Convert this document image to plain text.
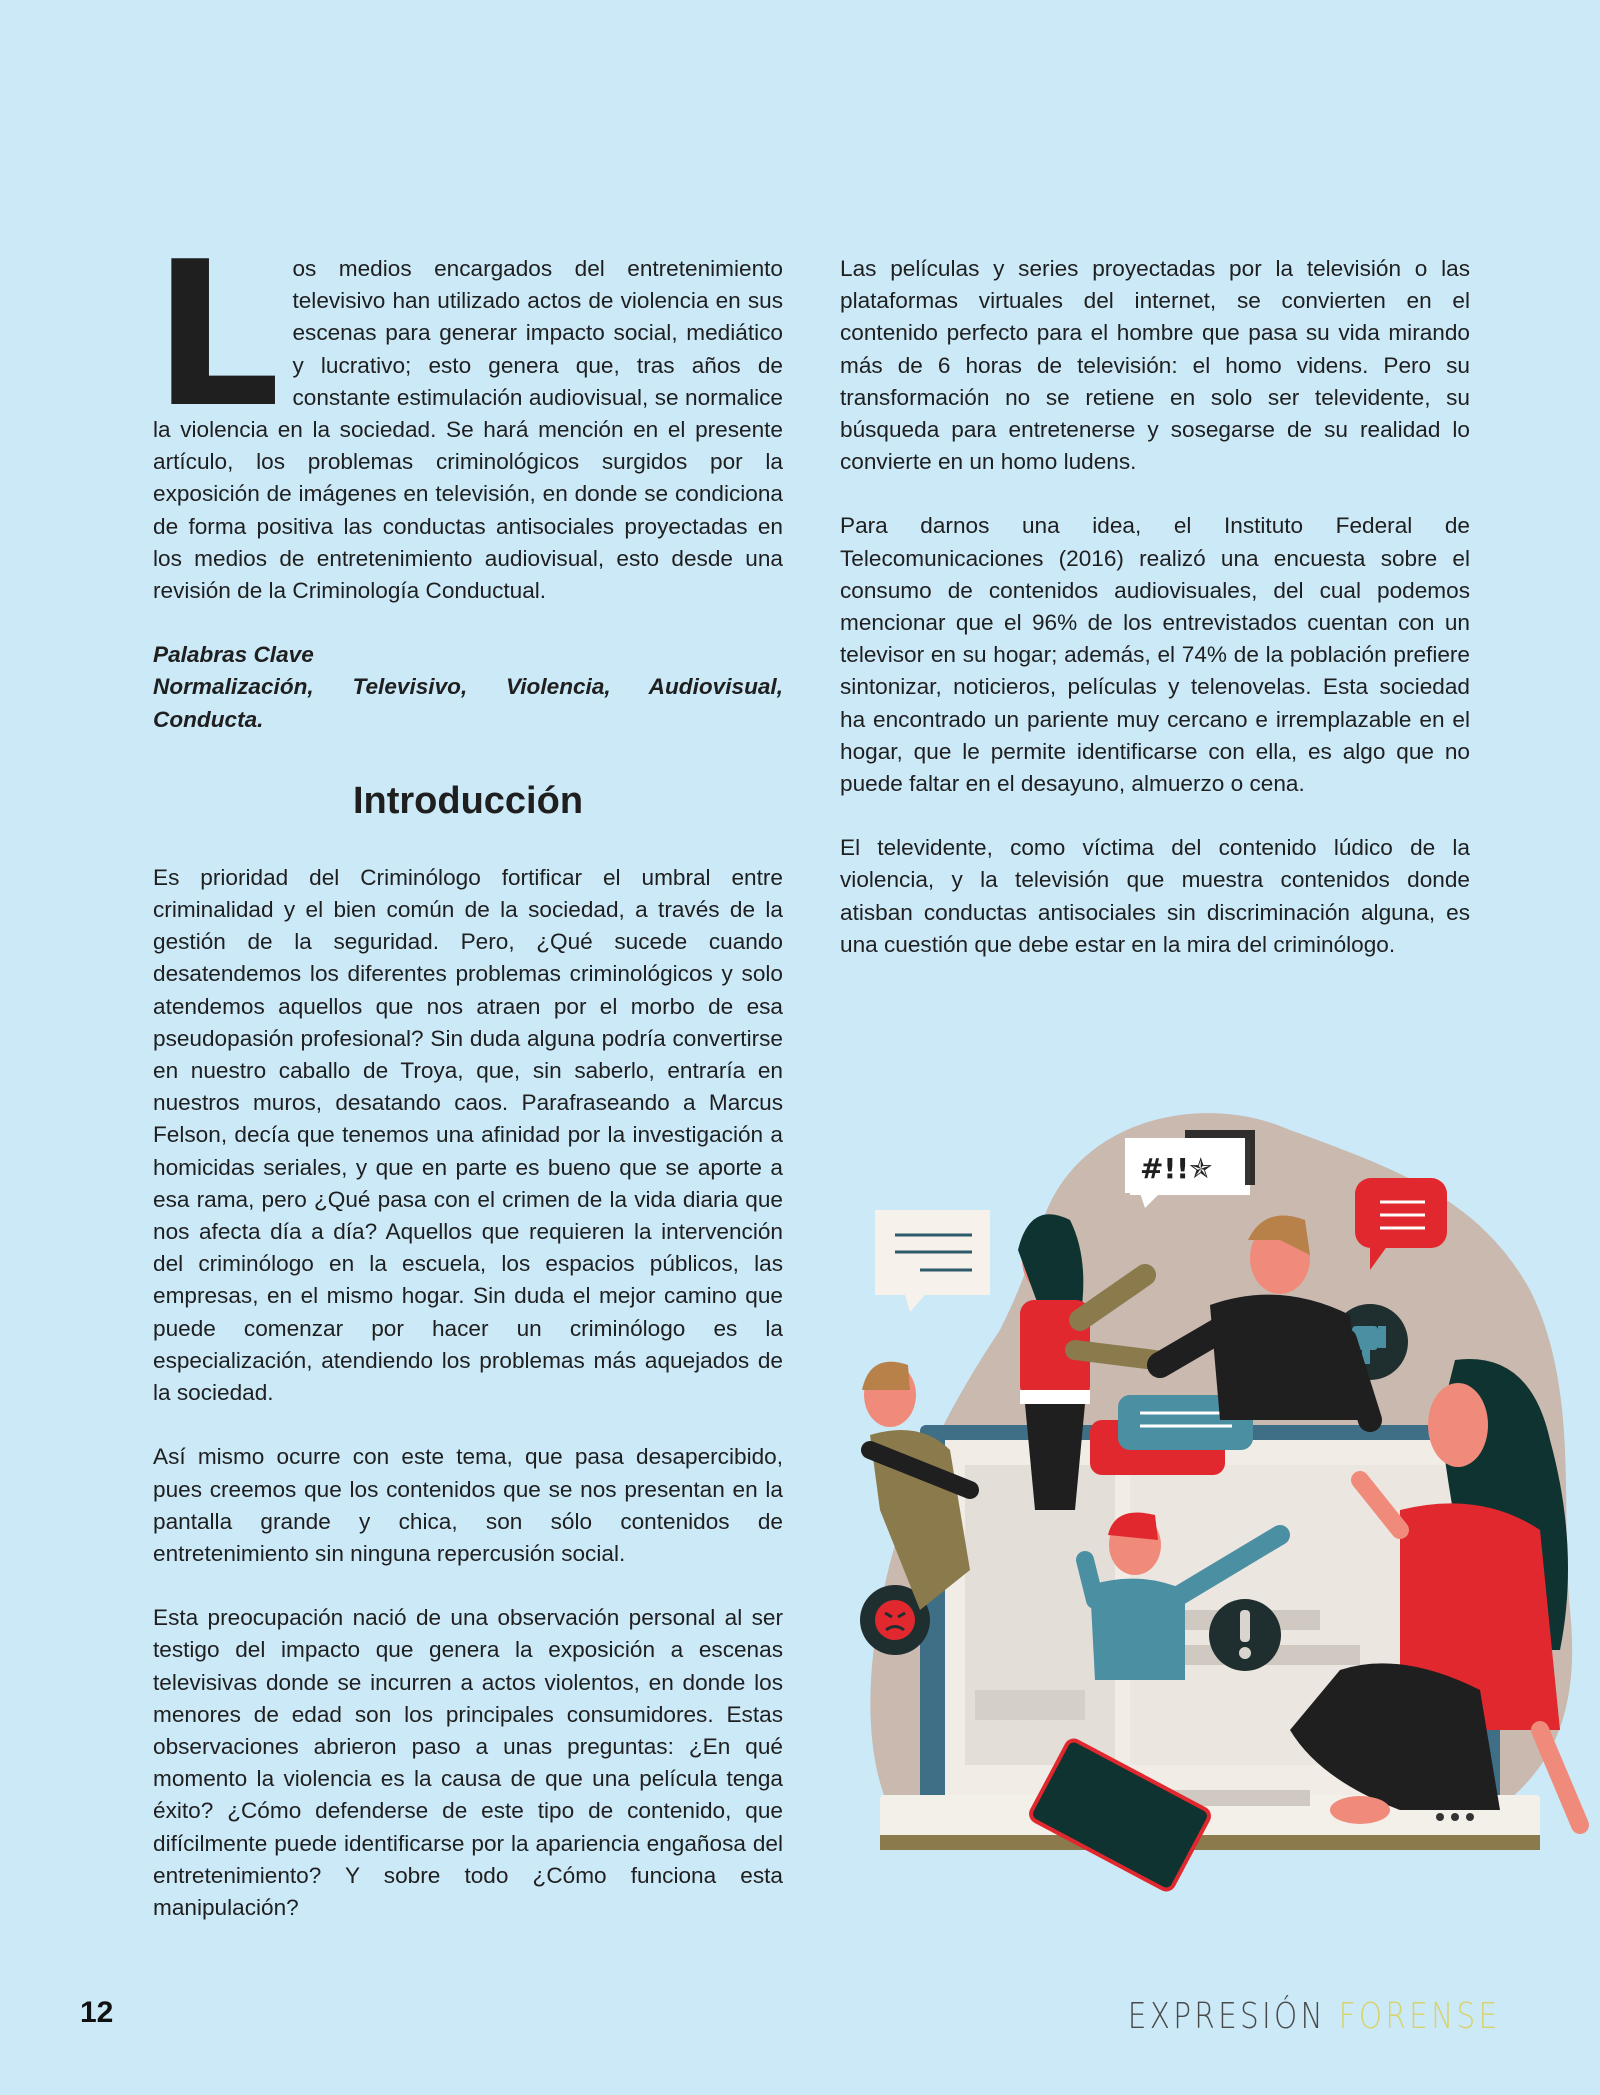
Los medios encargados del entretenimiento televisivo han utilizado actos de violencia en sus escenas para generar impacto social, mediático y lucrativo; esto genera que, tras años de constante estimulación audiovisual, se normalice la violencia en la sociedad. Se hará mención en el presente artículo, los problemas criminológicos surgidos por la exposición de imágenes en televisión, en donde se condiciona de forma positiva las conductas antisociales proyectadas en los medios de entretenimiento audiovisual, esto desde una revisión de la Criminología Conductual.

Palabras Clave

Normalización, Televisivo, Violencia, Audiovisual, Conducta.

Introducción

Es prioridad del Criminólogo fortificar el umbral entre criminalidad y el bien común de la sociedad, a través de la gestión de la seguridad. Pero, ¿Qué sucede cuando desatendemos los diferentes problemas criminológicos y solo atendemos aquellos que nos atraen por el morbo de esa pseudopasión profesional? Sin duda alguna podría convertirse en nuestro caballo de Troya, que, sin saberlo, entraría en nuestros muros, desatando caos. Parafraseando a Marcus Felson, decía que tenemos una afinidad por la investigación a homicidas seriales, y que en parte es bueno que se aporte a esa rama, pero ¿Qué pasa con el crimen de la vida diaria que nos afecta día a día? Aquellos que requieren la intervención del criminólogo en la escuela, los espacios públicos, las empresas, en el mismo hogar. Sin duda el mejor camino que puede comenzar por hacer un criminólogo es la especialización, atendiendo los problemas más aquejados de la sociedad.

Así mismo ocurre con este tema, que pasa desapercibido, pues creemos que los contenidos que se nos presentan en la pantalla grande y chica, son sólo contenidos de entretenimiento sin ninguna repercusión social.

Esta preocupación nació de una observación personal al ser testigo del impacto que genera la exposición a escenas televisivas donde se incurren a actos violentos, en donde los menores de edad son los principales consumidores. Estas observaciones abrieron paso a unas preguntas: ¿En qué momento la violencia es la causa de que una película tenga éxito? ¿Cómo defenderse de este tipo de contenido, que difícilmente puede identificarse por la apariencia engañosa del entretenimiento? Y sobre todo ¿Cómo funciona esta manipulación?

Las películas y series proyectadas por la televisión o las plataformas virtuales del internet, se convierten en el contenido perfecto para el hombre que pasa su vida mirando más de 6 horas de televisión: el homo videns. Pero su transformación no se retiene en solo ser televidente, su búsqueda para entretenerse y sosegarse de su realidad lo convierte en un homo ludens.

Para darnos una idea, el Instituto Federal de Telecomunicaciones (2016) realizó una encuesta sobre el consumo de contenidos audiovisuales, del cual podemos mencionar que el 96% de los entrevistados cuentan con un televisor en su hogar; además, el 74% de la población prefiere sintonizar, noticieros, películas y telenovelas. Esta sociedad ha encontrado un pariente muy cercano e irremplazable en el hogar, que le permite identificarse con ella, es algo que no puede faltar en el desayuno, almuerzo o cena.

El televidente, como víctima del contenido lúdico de la violencia, y la televisión que muestra contenidos donde atisban conductas antisociales sin discriminación alguna, es una cuestión que debe estar en la mira del criminólogo.

#!!✯
12	EXPRESIÓN FORENSE
